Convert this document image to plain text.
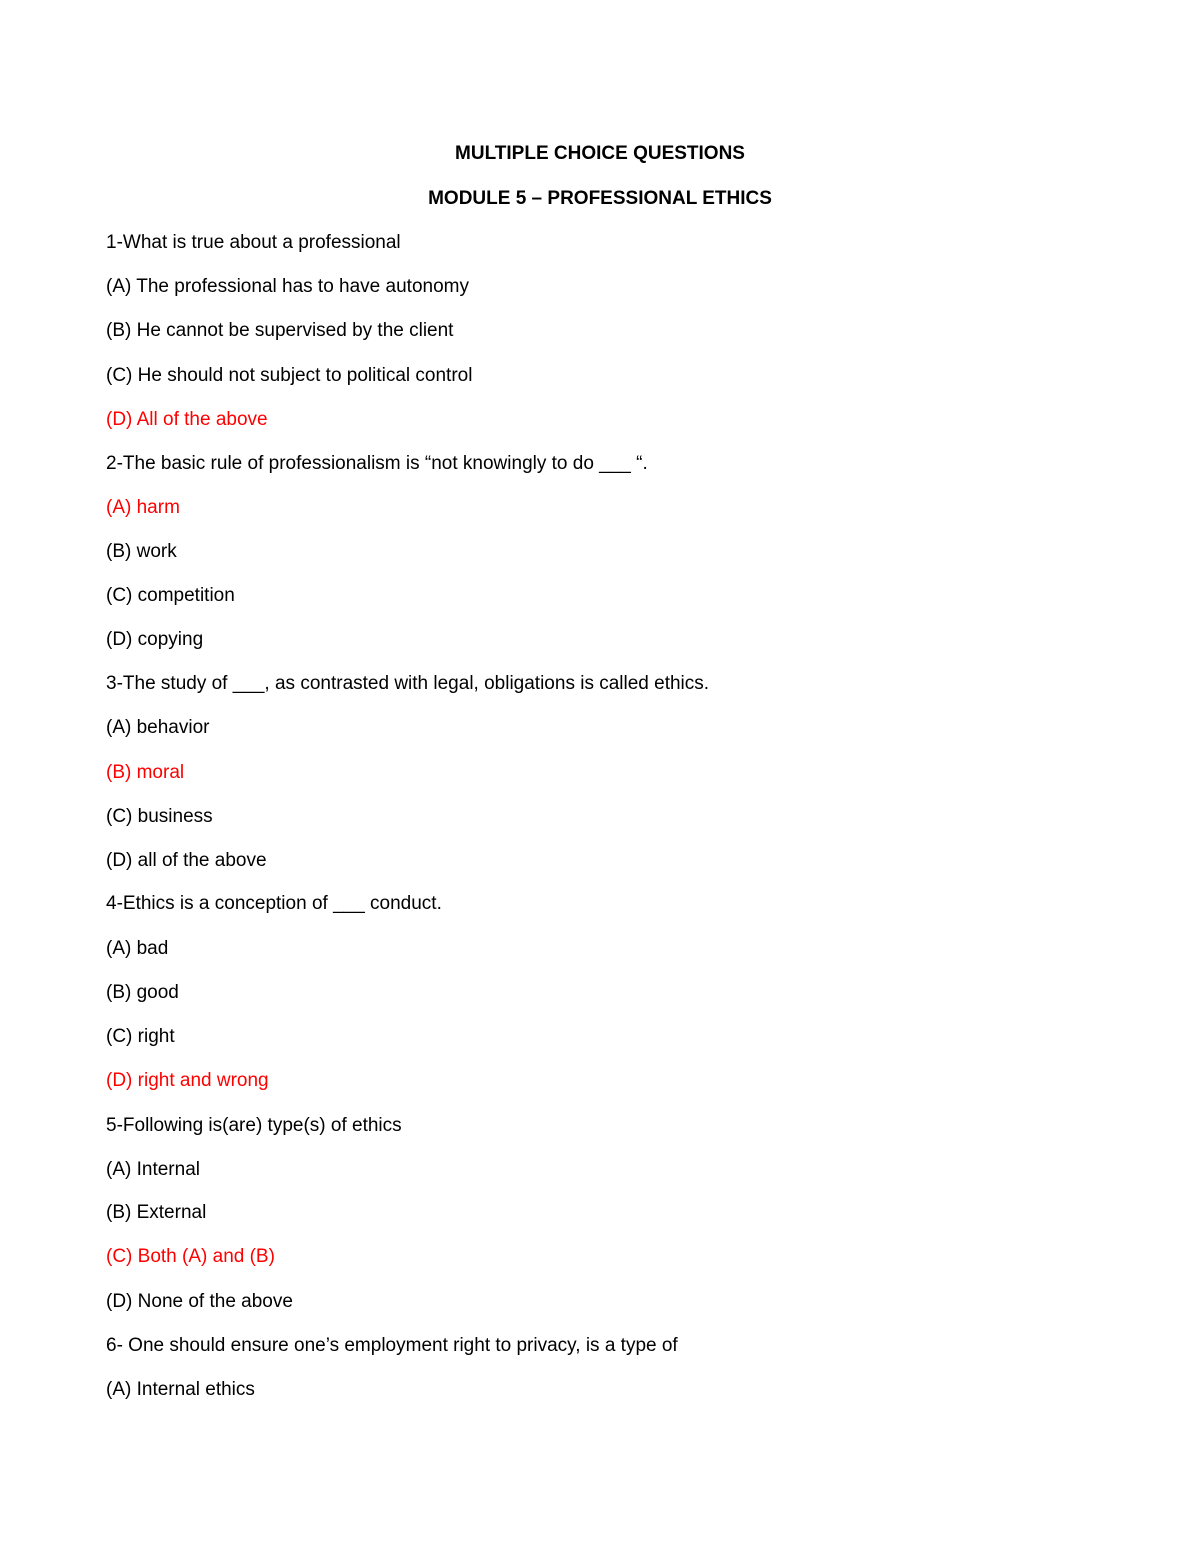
MULTIPLE CHOICE QUESTIONS
MODULE 5 – PROFESSIONAL ETHICS
1-What is true about a professional
(A) The professional has to have autonomy
(B) He cannot be supervised by the client
(C) He should not subject to political control
(D) All of the above
2-The basic rule of professionalism is “not knowingly to do ___ “.
(A) harm
(B) work
(C) competition
(D) copying
3-The study of ___, as contrasted with legal, obligations is called ethics.
(A) behavior
(B) moral
(C) business
(D) all of the above
4-Ethics is a conception of ___ conduct.
(A) bad
(B) good
(C) right
(D) right and wrong
5-Following is(are) type(s) of ethics
(A) Internal
(B) External
(C) Both (A) and (B)
(D) None of the above
6- One should ensure one’s employment right to privacy, is a type of
(A) Internal ethics
